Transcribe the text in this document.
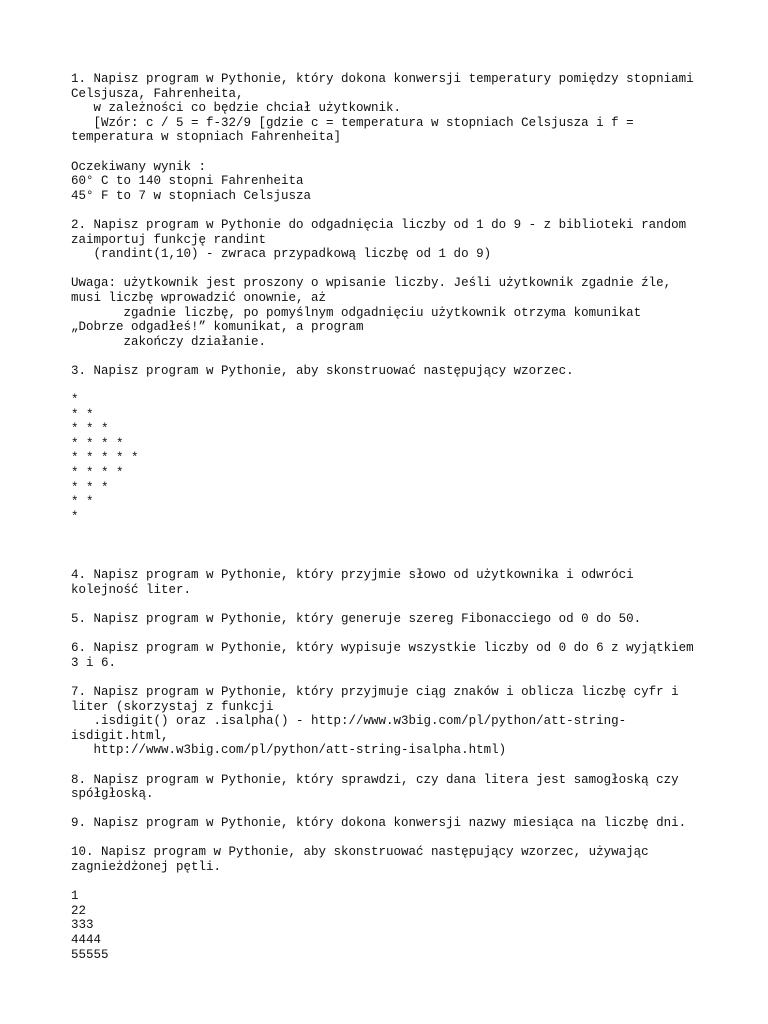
1. Napisz program w Pythonie, który dokona konwersji temperatury pomiędzy stopniami
Celsjusza, Fahrenheita,
w zależności co będzie chciał użytkownik.
[Wzór: c / 5 = f-32/9 [gdzie c = temperatura w stopniach Celsjusza i f =
temperatura w stopniach Fahrenheita]
Oczekiwany wynik :
60° C to 140 stopni Fahrenheita
45° F to 7 w stopniach Celsjusza
2. Napisz program w Pythonie do odgadnięcia liczby od 1 do 9 - z biblioteki random
zaimportuj funkcję randint
(randint(1,10) - zwraca przypadkową liczbę od 1 do 9)
Uwaga: użytkownik jest proszony o wpisanie liczby. Jeśli użytkownik zgadnie źle,
musi liczbę wprowadzić onownie, aż
zgadnie liczbę, po pomyślnym odgadnięciu użytkownik otrzyma komunikat
„Dobrze odgadłeś!” komunikat, a program
zakończy działanie.
3. Napisz program w Pythonie, aby skonstruować następujący wzorzec.
*
* *
* * *
* * * *
* * * * *
* * * *
* * *
* *
*
4. Napisz program w Pythonie, który przyjmie słowo od użytkownika i odwróci
kolejność liter.
5. Napisz program w Pythonie, który generuje szereg Fibonacciego od 0 do 50.
6. Napisz program w Pythonie, który wypisuje wszystkie liczby od 0 do 6 z wyjątkiem
3 i 6.
7. Napisz program w Pythonie, który przyjmuje ciąg znaków i oblicza liczbę cyfr i
liter (skorzystaj z funkcji
.isdigit() oraz .isalpha() - http://www.w3big.com/pl/python/att-string-
isdigit.html,
http://www.w3big.com/pl/python/att-string-isalpha.html)
8. Napisz program w Pythonie, który sprawdzi, czy dana litera jest samogłoską czy
spółgłoską.
9. Napisz program w Pythonie, który dokona konwersji nazwy miesiąca na liczbę dni.
10. Napisz program w Pythonie, aby skonstruować następujący wzorzec, używając
zagnieżdżonej pętli.
1
22
333
4444
55555
